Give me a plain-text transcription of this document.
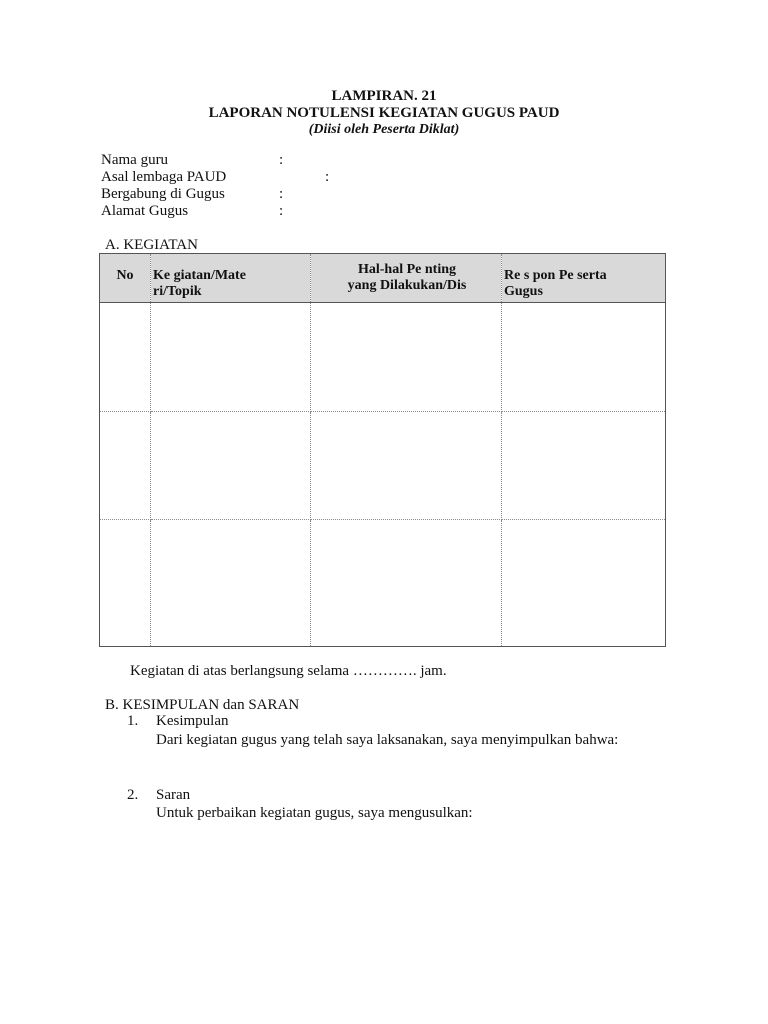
LAMPIRAN. 21
LAPORAN NOTULENSI KEGIATAN GUGUS PAUD
(Diisi oleh Peserta Diklat)
Nama guru	:
Asal lembaga PAUD	:
Bergabung di Gugus	:
Alamat Gugus	:
A. KEGIATAN
No	Ke giatan/Mate ri/Topik	Hal-hal Pe nting yang Dilakukan/Dis	Re s pon Pe serta Gugus

Kegiatan di atas berlangsung selama …………. jam.
B. KESIMPULAN dan SARAN
1. Kesimpulan
Dari kegiatan gugus yang telah saya laksanakan, saya menyimpulkan bahwa:
2. Saran
Untuk perbaikan kegiatan gugus, saya mengusulkan:
